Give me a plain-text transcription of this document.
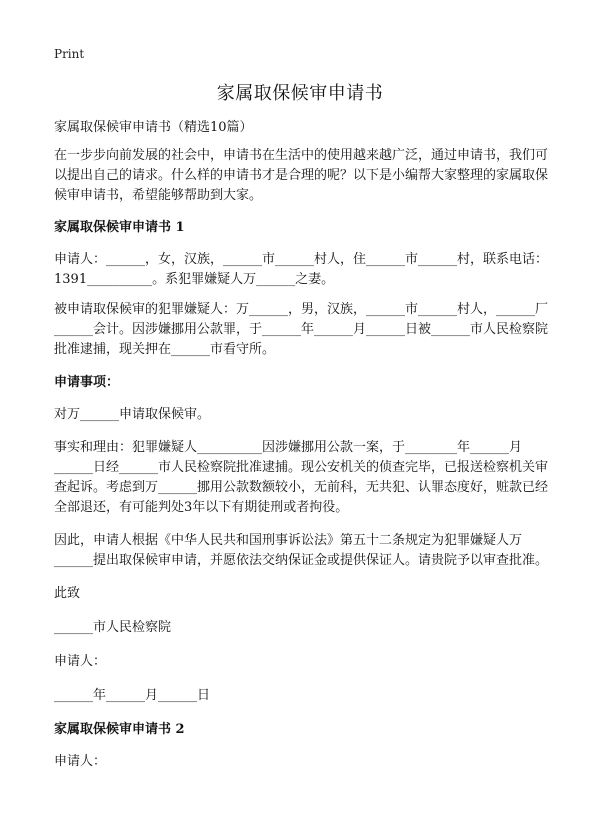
Print
家属取保候审申请书

家属取保候审申请书（精选10篇）

在一步步向前发展的社会中，申请书在生活中的使用越来越广泛，通过申请书，我们可以提出自己的请求。什么样的申请书才是合理的呢？以下是小编帮大家整理的家属取保候审申请书，希望能够帮助到大家。

家属取保候审申请书 1

申请人：______，女，汉族，______市______村人，住______市______村，联系电话：1391__________。系犯罪嫌疑人万______之妻。

被申请取保候审的犯罪嫌疑人：万______，男，汉族，______市______村人，______厂______会计。因涉嫌挪用公款罪，于______年______月______日被______市人民检察院批准逮捕，现关押在______市看守所。

申请事项：

对万______申请取保候审。

事实和理由：犯罪嫌疑人__________因涉嫌挪用公款一案，于________年______月______日经______市人民检察院批准逮捕。现公安机关的侦查完毕，已报送检察机关审查起诉。考虑到万______挪用公款数额较小，无前科，无共犯、认罪态度好，赃款已经全部退还，有可能判处3年以下有期徒刑或者拘役。

因此，申请人根据《中华人民共和国刑事诉讼法》第五十二条规定为犯罪嫌疑人万______提出取保候审申请，并愿依法交纳保证金或提供保证人。请贵院予以审查批准。

此致

______市人民检察院

申请人：

______年______月______日

家属取保候审申请书 2

申请人：
